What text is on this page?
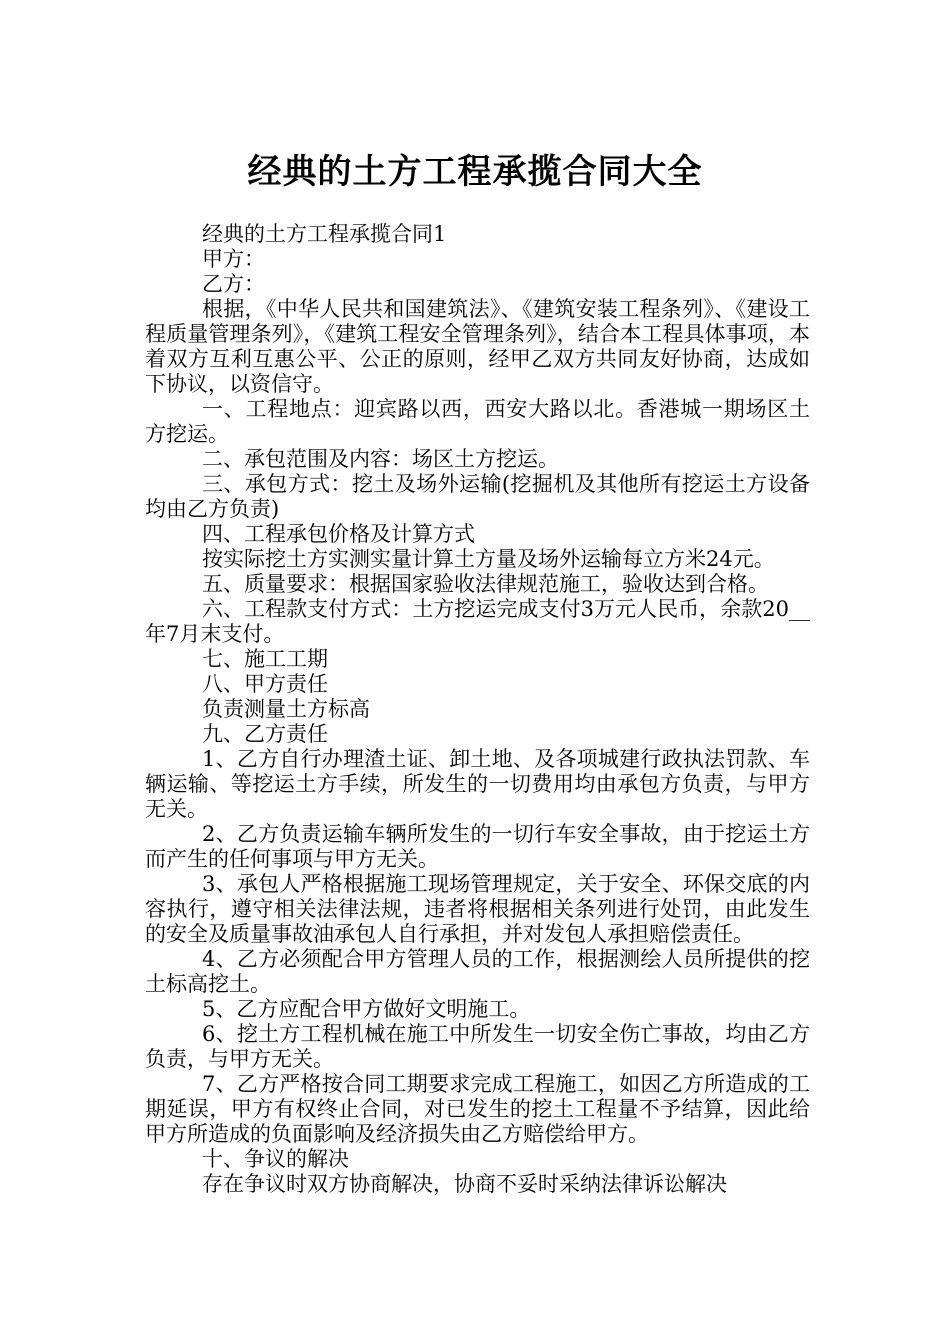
经典的土方工程承揽合同大全

经典的土方工程承揽合同1

甲方：

乙方：

根据，《中华人民共和国建筑法》、《建筑安装工程条列》、《建设工程质量管理条列》，《建筑工程安全管理条列》，结合本工程具体事项，本着双方互利互惠公平、公正的原则，经甲乙双方共同友好协商，达成如下协议，以资信守。

一、工程地点：迎宾路以西，西安大路以北。香港城一期场区土方挖运。

二、承包范围及内容：场区土方挖运。

三、承包方式：挖土及场外运输(挖掘机及其他所有挖运土方设备均由乙方负责)

四、工程承包价格及计算方式

按实际挖土方实测实量计算土方量及场外运输每立方米24元。

五、质量要求：根据国家验收法律规范施工，验收达到合格。

六、工程款支付方式：土方挖运完成支付3万元人民币，余款20__年7月末支付。

七、施工工期

八、甲方责任

负责测量土方标高

九、乙方责任

1、乙方自行办理渣土证、卸土地、及各项城建行政执法罚款、车辆运输、等挖运土方手续，所发生的一切费用均由承包方负责，与甲方无关。

2、乙方负责运输车辆所发生的一切行车安全事故，由于挖运土方而产生的任何事项与甲方无关。

3、承包人严格根据施工现场管理规定，关于安全、环保交底的内容执行，遵守相关法律法规，违者将根据相关条列进行处罚，由此发生的安全及质量事故油承包人自行承担，并对发包人承担赔偿责任。

4、乙方必须配合甲方管理人员的工作，根据测绘人员所提供的挖土标高挖土。

5、乙方应配合甲方做好文明施工。

6、挖土方工程机械在施工中所发生一切安全伤亡事故，均由乙方负责，与甲方无关。

7、乙方严格按合同工期要求完成工程施工，如因乙方所造成的工期延误，甲方有权终止合同，对已发生的挖土工程量不予结算，因此给甲方所造成的负面影响及经济损失由乙方赔偿给甲方。

十、争议的解决

存在争议时双方协商解决，协商不妥时采纳法律诉讼解决
